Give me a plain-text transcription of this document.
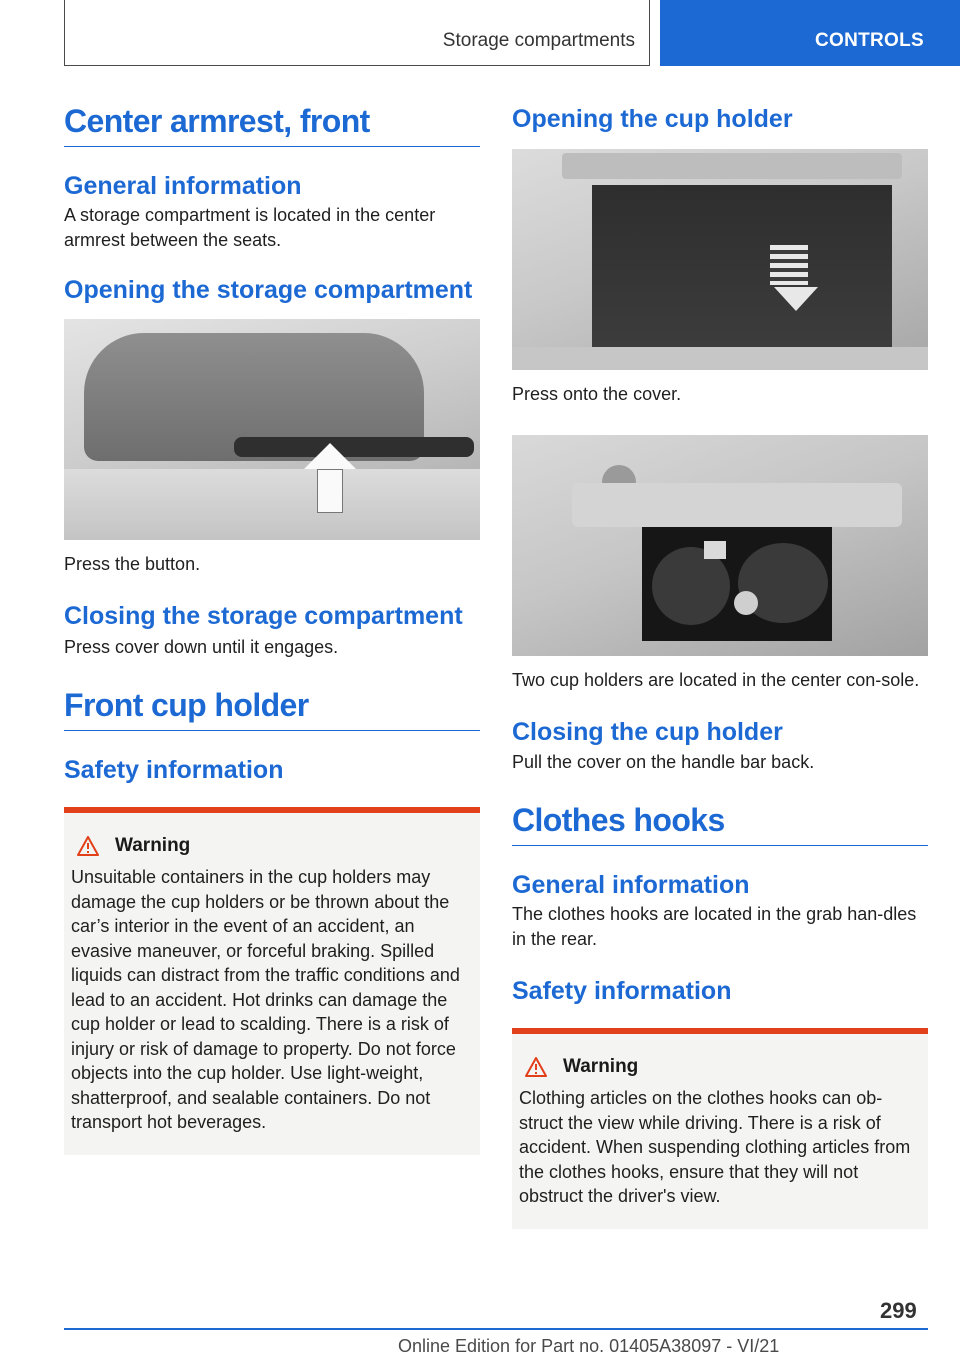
Storage compartments	CONTROLS
Center armrest, front
General information
A storage compartment is located in the center armrest between the seats.
Opening the storage compartment
Press the button.
Closing the storage compartment
Press cover down until it engages.
Front cup holder
Safety information
Warning
Unsuitable containers in the cup holders may damage the cup holders or be thrown about the car’s interior in the event of an accident, an evasive maneuver, or forceful braking. Spilled liquids can distract from the traffic conditions and lead to an accident. Hot drinks can damage the cup holder or lead to scalding. There is a risk of injury or risk of damage to property. Do not force objects into the cup holder. Use light-weight, shatterproof, and sealable containers. Do not transport hot beverages.
Opening the cup holder
Press onto the cover.
Two cup holders are located in the center con-sole.
Closing the cup holder
Pull the cover on the handle bar back.
Clothes hooks
General information
The clothes hooks are located in the grab han-dles in the rear.
Safety information
Warning
Clothing articles on the clothes hooks can ob-struct the view while driving. There is a risk of accident. When suspending clothing articles from the clothes hooks, ensure that they will not obstruct the driver's view.
299
Online Edition for Part no. 01405A38097 - VI/21
